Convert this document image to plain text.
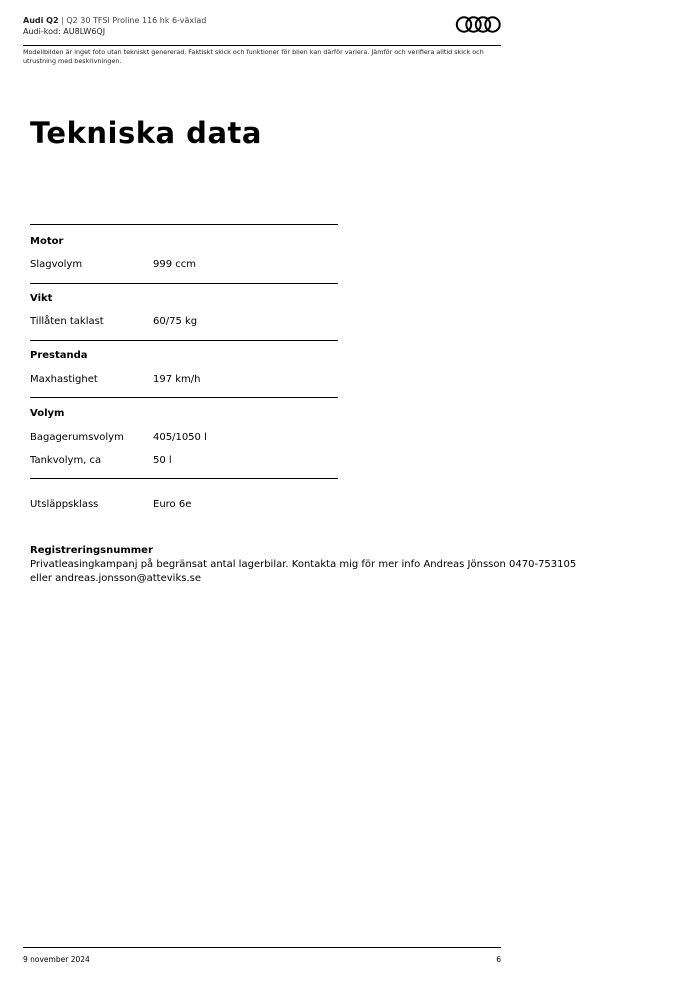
Audi Q2 | Q2 30 TFSI Proline 116 hk 6-växlad
Audi-kod: AU8LW6QJ
Modellbilden är inget foto utan tekniskt genererad. Faktiskt skick och funktioner för bilen kan därför variera. Jämför och verifiera alltid skick och utrustning med beskrivningen.
Tekniska data
Motor
Slagvolym	999 ccm
Vikt
Tillåten taklast	60/75 kg
Prestanda
Maxhastighet	197 km/h
Volym
Bagagerumsvolym	405/1050 l
Tankvolym, ca	50 l
Utsläppsklass	Euro 6e
Registreringsnummer
Privatleasingkampanj på begränsat antal lagerbilar. Kontakta mig för mer info Andreas Jönsson 0470-753105 eller andreas.jonsson@atteviks.se
9 november 2024	6
